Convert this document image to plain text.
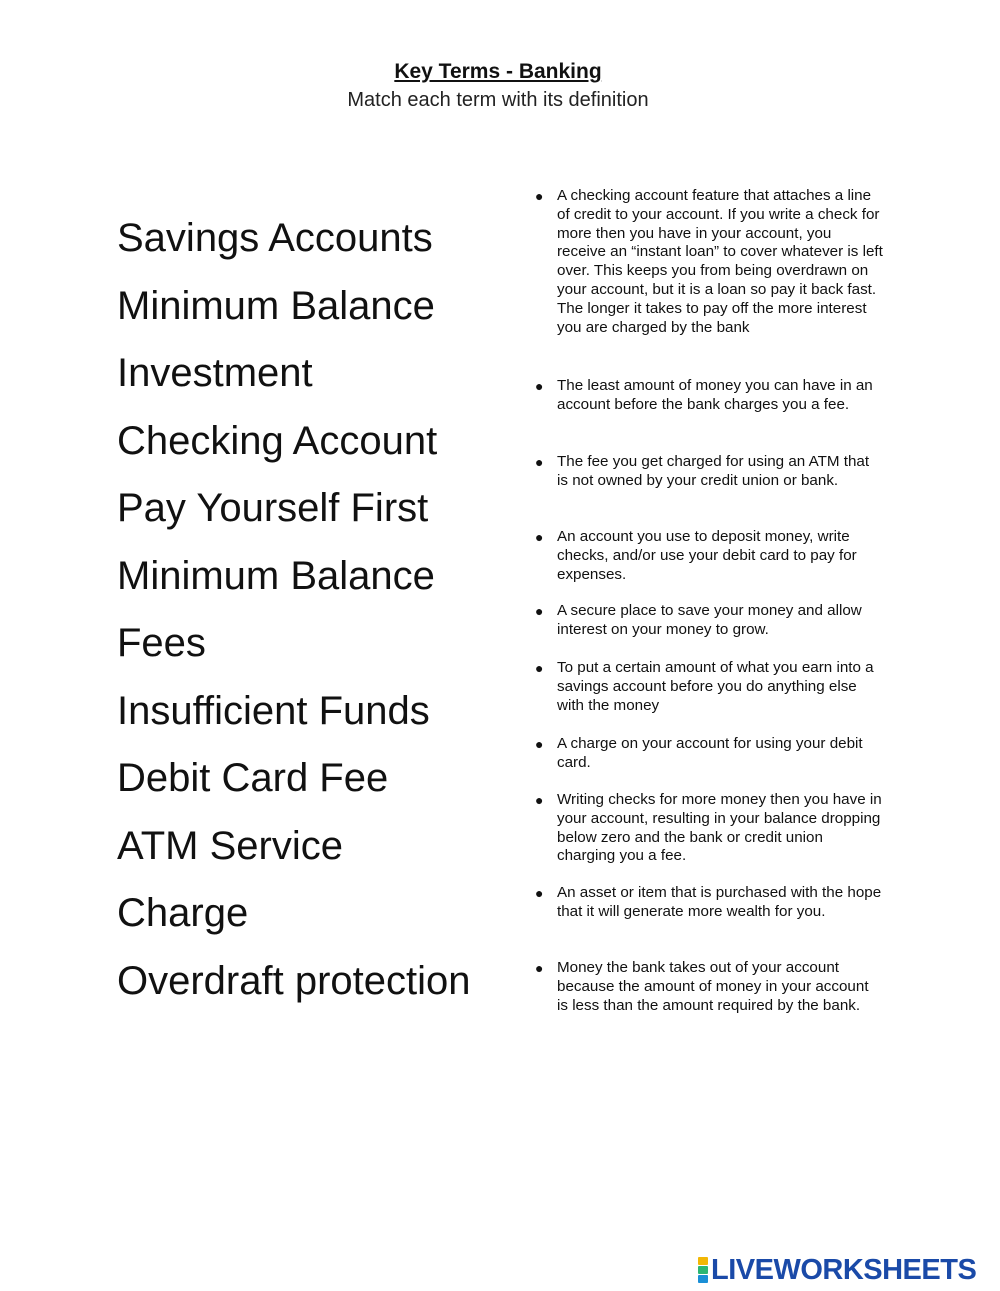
Key Terms - Banking
Match each term with its definition
Savings Accounts
Minimum Balance
Investment
Checking Account
Pay Yourself First
Minimum Balance
Fees
Insufficient Funds
Debit Card Fee
ATM Service
Charge
Overdraft protection
● A checking account feature that attaches a line of credit to your account. If you write a check for more then you have in your account, you receive an “instant loan” to cover whatever is left over. This keeps you from being overdrawn on your account, but it is a loan so pay it back fast. The longer it takes to pay off the more interest you are charged by the bank
● The least amount of money you can have in an account before the bank charges you a fee.
● The fee you get charged for using an ATM that is not owned by your credit union or bank.
● An account you use to deposit money, write checks, and/or use your debit card to pay for expenses.
● A secure place to save your money and allow interest on your money to grow.
● To put a certain amount of what you earn into a savings account before you do anything else with the money
● A charge on your account for using your debit card.
● Writing checks for more money then you have in your account, resulting in your balance dropping below zero and the bank or credit union charging you a fee.
● An asset or item that is purchased with the hope that it will generate more wealth for you.
● Money the bank takes out of your account because the amount of money in your account is less than the amount required by the bank.
LIVEWORKSHEETS
